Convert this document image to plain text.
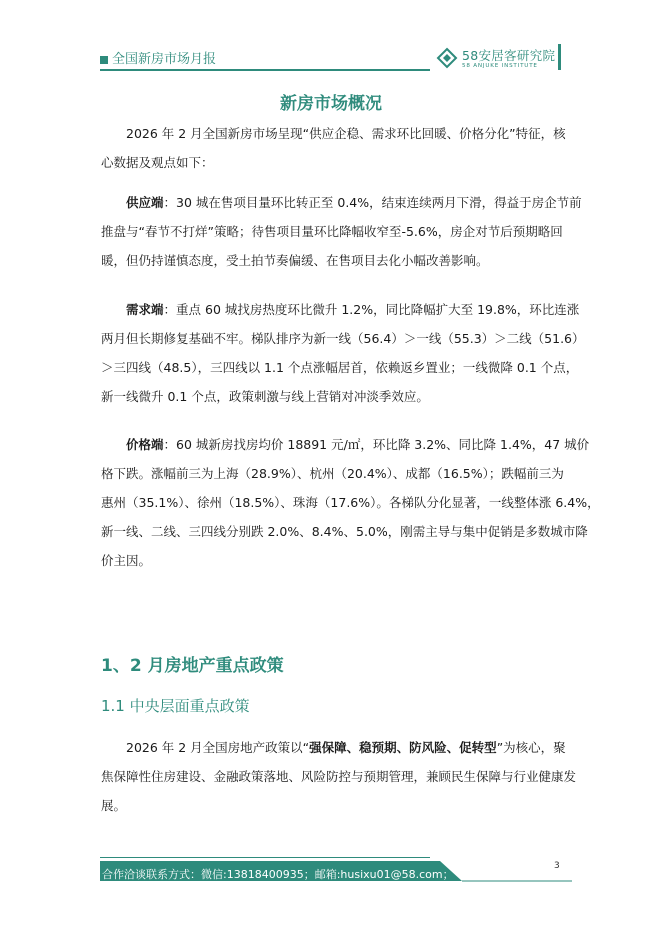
全国新房市场月报	58安居客研究院
58 ANJUKE INSTITUTE
新房市场概况
2026 年 2 月全国新房市场呈现“供应企稳、需求环比回暖、价格分化”特征，核
心数据及观点如下：
供应端：30 城在售项目量环比转正至 0.4%，结束连续两月下滑，得益于房企节前
推盘与“春节不打烊”策略；待售项目量环比降幅收窄至-5.6%，房企对节后预期略回
暖，但仍持谨慎态度，受土拍节奏偏缓、在售项目去化小幅改善影响。
需求端：重点 60 城找房热度环比微升 1.2%，同比降幅扩大至 19.8%，环比连涨
两月但长期修复基础不牢。梯队排序为新一线（56.4）＞一线（55.3）＞二线（51.6）
＞三四线（48.5），三四线以 1.1 个点涨幅居首，依赖返乡置业；一线微降 0.1 个点，
新一线微升 0.1 个点，政策刺激与线上营销对冲淡季效应。
价格端：60 城新房找房均价 18891 元/㎡，环比降 3.2%、同比降 1.4%，47 城价
格下跌。涨幅前三为上海（28.9%）、杭州（20.4%）、成都（16.5%）；跌幅前三为
惠州（35.1%）、徐州（18.5%）、珠海（17.6%）。各梯队分化显著，一线整体涨 6.4%，
新一线、二线、三四线分别跌 2.0%、8.4%、5.0%，刚需主导与集中促销是多数城市降
价主因。
1、2 月房地产重点政策
1.1 中央层面重点政策
2026 年 2 月全国房地产政策以“强保障、稳预期、防风险、促转型”为核心，聚
焦保障性住房建设、金融政策落地、风险防控与预期管理，兼顾民生保障与行业健康发
展。
合作洽谈联系方式：微信:13818400935；邮箱:husixu01@58.com；
3
